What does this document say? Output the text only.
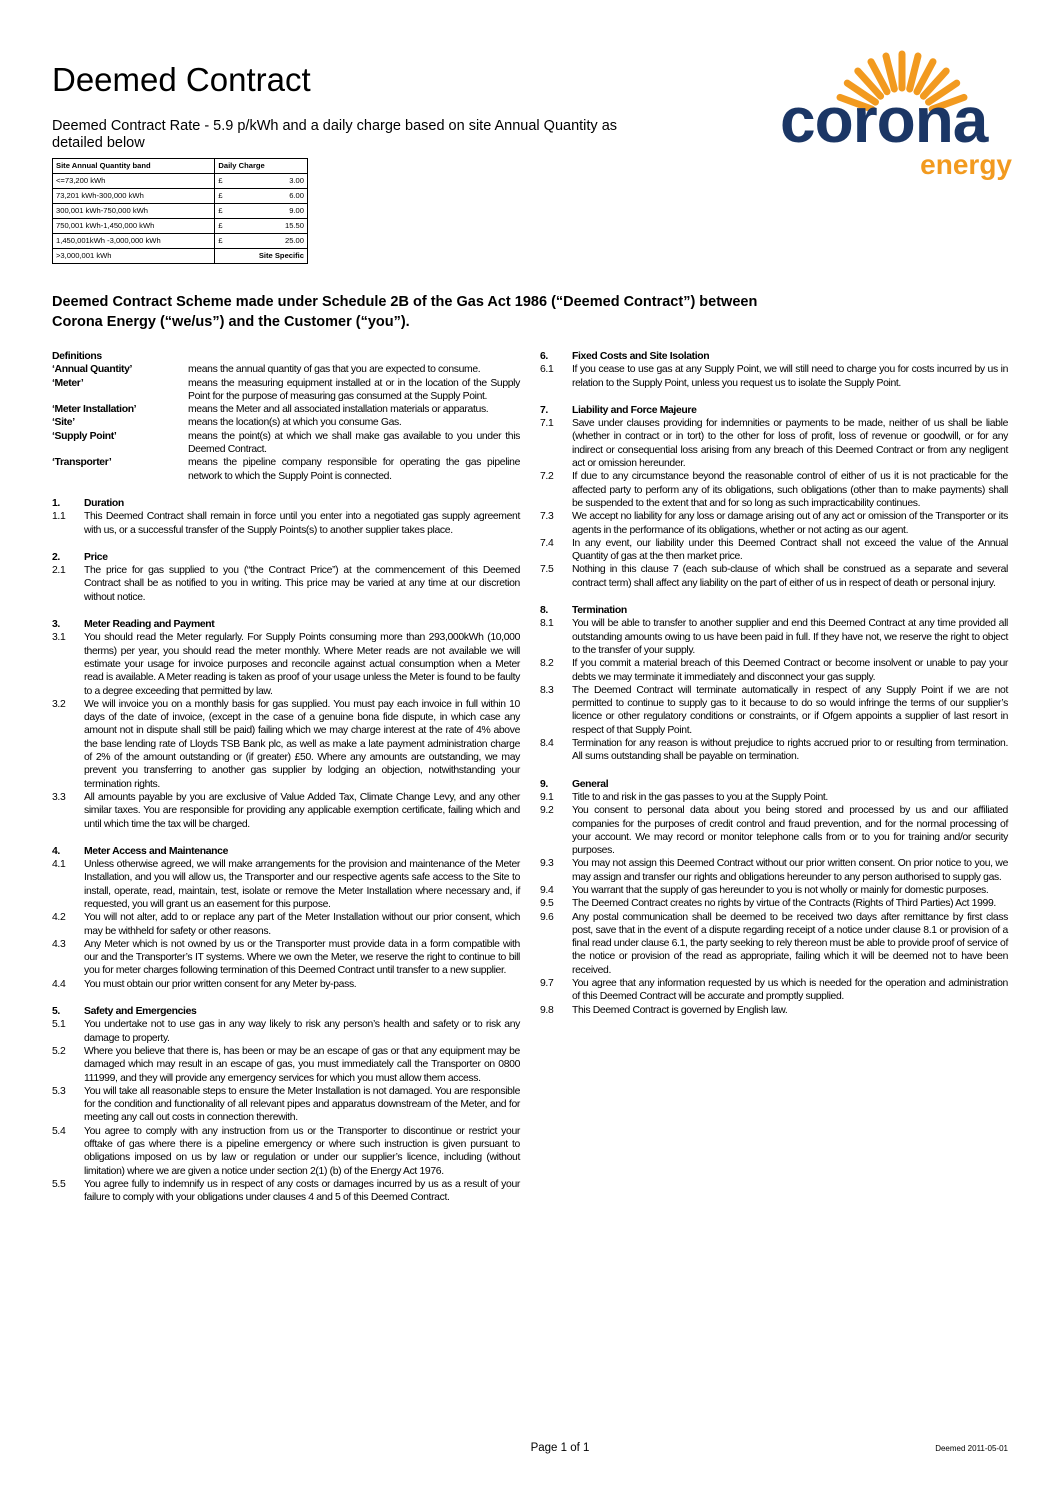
Deemed Contract
Deemed Contract Rate - 5.9 p/kWh and a daily charge based on site Annual Quantity as detailed below
Site Annual Quantity band	Daily Charge	
<=73,200 kWh	£	3.00
73,201 kWh-300,000 kWh	£	6.00
300,001 kWh-750,000 kWh	£	9.00
750,001 kWh-1,450,000 kWh	£	15.50
1,450,001kWh -3,000,000 kWh	£	25.00
>3,000,001 kWh	Site Specific	
corona
energy
Deemed Contract Scheme made under Schedule 2B of the Gas Act 1986 (“Deemed Contract”) between
Corona Energy (“we/us”) and the Customer (“you”).
Definitions
‘Annual Quantity’	means the annual quantity of gas that you are expected to consume.
‘Meter’	means the measuring equipment installed at or in the location of the Supply Point for the purpose of measuring gas consumed at the Supply Point.
‘Meter Installation’	means the Meter and all associated installation materials or apparatus.
‘Site’	means the location(s) at which you consume Gas.
‘Supply Point’	means the point(s) at which we shall make gas available to you under this Deemed Contract.
‘Transporter’	means the pipeline company responsible for operating the gas pipeline network to which the Supply Point is connected.
1.	Duration
1.1	This Deemed Contract shall remain in force until you enter into a negotiated gas supply agreement with us, or a successful transfer of the Supply Points(s) to another supplier takes place.
2.	Price
2.1	The price for gas supplied to you (“the Contract Price”) at the commencement of this Deemed Contract shall be as notified to you in writing. This price may be varied at any time at our discretion without notice.
3.	Meter Reading and Payment
3.1	You should read the Meter regularly. For Supply Points consuming more than 293,000kWh (10,000 therms) per year, you should read the meter monthly. Where Meter reads are not available we will estimate your usage for invoice purposes and reconcile against actual consumption when a Meter read is available. A Meter reading is taken as proof of your usage unless the Meter is found to be faulty to a degree exceeding that permitted by law.
3.2	We will invoice you on a monthly basis for gas supplied. You must pay each invoice in full within 10 days of the date of invoice, (except in the case of a genuine bona fide dispute, in which case any amount not in dispute shall still be paid) failing which we may charge interest at the rate of 4% above the base lending rate of Lloyds TSB Bank plc, as well as make a late payment administration charge of 2% of the amount outstanding or (if greater) £50. Where any amounts are outstanding, we may prevent you transferring to another gas supplier by lodging an objection, notwithstanding your termination rights.
3.3	All amounts payable by you are exclusive of Value Added Tax, Climate Change Levy, and any other similar taxes. You are responsible for providing any applicable exemption certificate, failing which and until which time the tax will be charged.
4.	Meter Access and Maintenance
4.1	Unless otherwise agreed, we will make arrangements for the provision and maintenance of the Meter Installation, and you will allow us, the Transporter and our respective agents safe access to the Site to install, operate, read, maintain, test, isolate or remove the Meter Installation where necessary and, if requested, you will grant us an easement for this purpose.
4.2	You will not alter, add to or replace any part of the Meter Installation without our prior consent, which may be withheld for safety or other reasons.
4.3	Any Meter which is not owned by us or the Transporter must provide data in a form compatible with our and the Transporter’s IT systems. Where we own the Meter, we reserve the right to continue to bill you for meter charges following termination of this Deemed Contract until transfer to a new supplier.
4.4	You must obtain our prior written consent for any Meter by-pass.
5.	Safety and Emergencies
5.1	You undertake not to use gas in any way likely to risk any person’s health and safety or to risk any damage to property.
5.2	Where you believe that there is, has been or may be an escape of gas or that any equipment may be damaged which may result in an escape of gas, you must immediately call the Transporter on 0800 111999, and they will provide any emergency services for which you must allow them access.
5.3	You will take all reasonable steps to ensure the Meter Installation is not damaged. You are responsible for the condition and functionality of all relevant pipes and apparatus downstream of the Meter, and for meeting any call out costs in connection therewith.
5.4	You agree to comply with any instruction from us or the Transporter to discontinue or restrict your offtake of gas where there is a pipeline emergency or where such instruction is given pursuant to obligations imposed on us by law or regulation or under our supplier’s licence, including (without limitation) where we are given a notice under section 2(1) (b) of the Energy Act 1976.
5.5	You agree fully to indemnify us in respect of any costs or damages incurred by us as a result of your failure to comply with your obligations under clauses 4 and 5 of this Deemed Contract.
6.	Fixed Costs and Site Isolation
6.1	If you cease to use gas at any Supply Point, we will still need to charge you for costs incurred by us in relation to the Supply Point, unless you request us to isolate the Supply Point.
7.	Liability and Force Majeure
7.1	Save under clauses providing for indemnities or payments to be made, neither of us shall be liable (whether in contract or in tort) to the other for loss of profit, loss of revenue or goodwill, or for any indirect or consequential loss arising from any breach of this Deemed Contract or from any negligent act or omission hereunder.
7.2	If due to any circumstance beyond the reasonable control of either of us it is not practicable for the affected party to perform any of its obligations, such obligations (other than to make payments) shall be suspended to the extent that and for so long as such impracticability continues.
7.3	We accept no liability for any loss or damage arising out of any act or omission of the Transporter or its agents in the performance of its obligations, whether or not acting as our agent.
7.4	In any event, our liability under this Deemed Contract shall not exceed the value of the Annual Quantity of gas at the then market price.
7.5	Nothing in this clause 7 (each sub-clause of which shall be construed as a separate and several contract term) shall affect any liability on the part of either of us in respect of death or personal injury.
8.	Termination
8.1	You will be able to transfer to another supplier and end this Deemed Contract at any time provided all outstanding amounts owing to us have been paid in full. If they have not, we reserve the right to object to the transfer of your supply.
8.2	If you commit a material breach of this Deemed Contract or become insolvent or unable to pay your debts we may terminate it immediately and disconnect your gas supply.
8.3	The Deemed Contract will terminate automatically in respect of any Supply Point if we are not permitted to continue to supply gas to it because to do so would infringe the terms of our supplier’s licence or other regulatory conditions or constraints, or if Ofgem appoints a supplier of last resort in respect of that Supply Point.
8.4	Termination for any reason is without prejudice to rights accrued prior to or resulting from termination. All sums outstanding shall be payable on termination.
9.	General
9.1	Title to and risk in the gas passes to you at the Supply Point.
9.2	You consent to personal data about you being stored and processed by us and our affiliated companies for the purposes of credit control and fraud prevention, and for the normal processing of your account. We may record or monitor telephone calls from or to you for training and/or security purposes.
9.3	You may not assign this Deemed Contract without our prior written consent. On prior notice to you, we may assign and transfer our rights and obligations hereunder to any person authorised to supply gas.
9.4	You warrant that the supply of gas hereunder to you is not wholly or mainly for domestic purposes.
9.5	The Deemed Contract creates no rights by virtue of the Contracts (Rights of Third Parties) Act 1999.
9.6	Any postal communication shall be deemed to be received two days after remittance by first class post, save that in the event of a dispute regarding receipt of a notice under clause 8.1 or provision of a final read under clause 6.1, the party seeking to rely thereon must be able to provide proof of service of the notice or provision of the read as appropriate, failing which it will be deemed not to have been received.
9.7	You agree that any information requested by us which is needed for the operation and administration of this Deemed Contract will be accurate and promptly supplied.
9.8	This Deemed Contract is governed by English law.
Page 1 of 1	Deemed 2011-05-01
